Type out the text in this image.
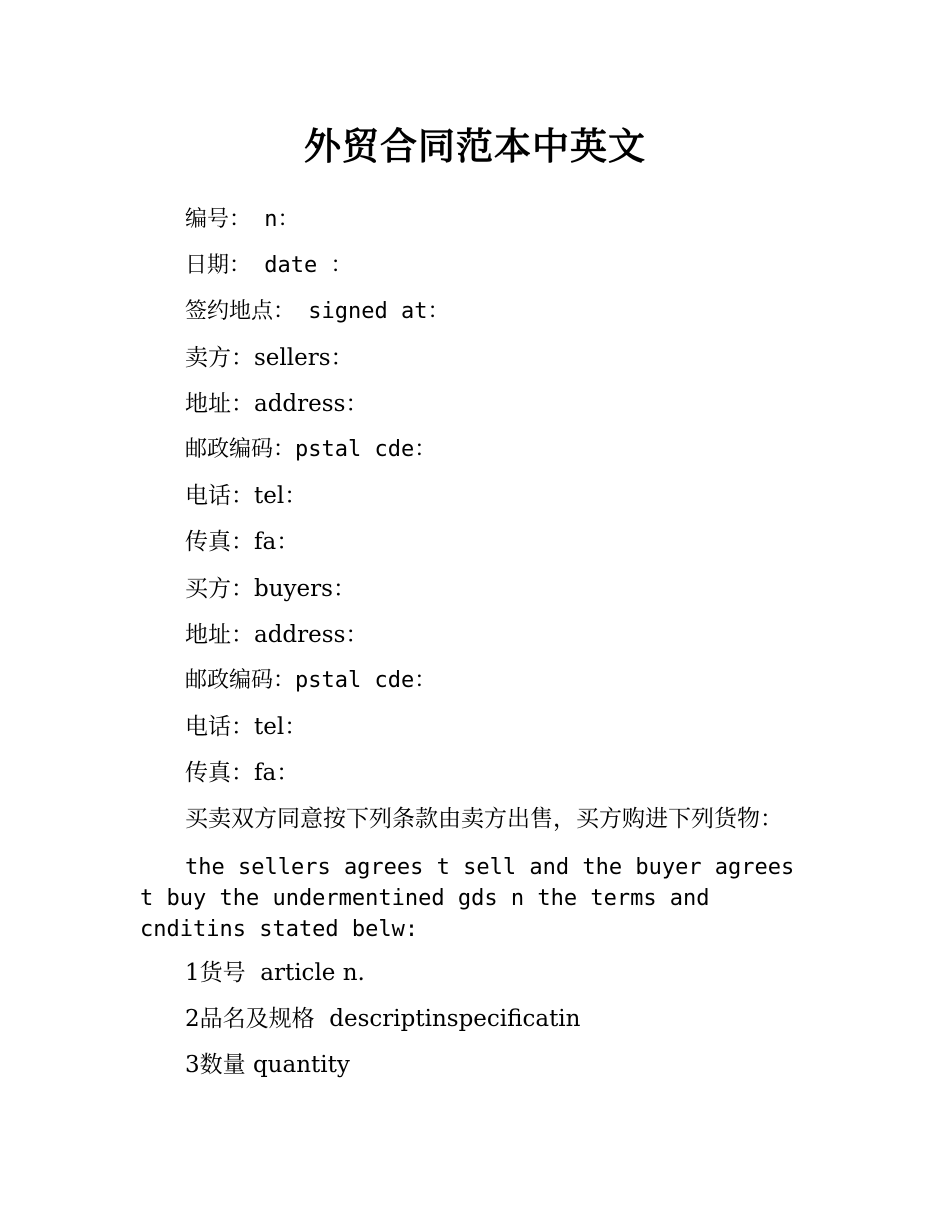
外贸合同范本中英文
编号： n：
日期： date ：
签约地点： signed at：
卖方：sellers：
地址：address：
邮政编码：pstal cde：
电话：tel：
传真：fa：
买方：buyers：
地址：address：
邮政编码：pstal cde：
电话：tel：
传真：fa：
买卖双方同意按下列条款由卖方出售，买方购进下列货物：
the sellers agrees t sell and the buyer agrees t buy the undermentined gds n the terms and cnditins stated belw:
1货号  article n.
2品名及规格  descriptinspecificatin
3数量 quantity
